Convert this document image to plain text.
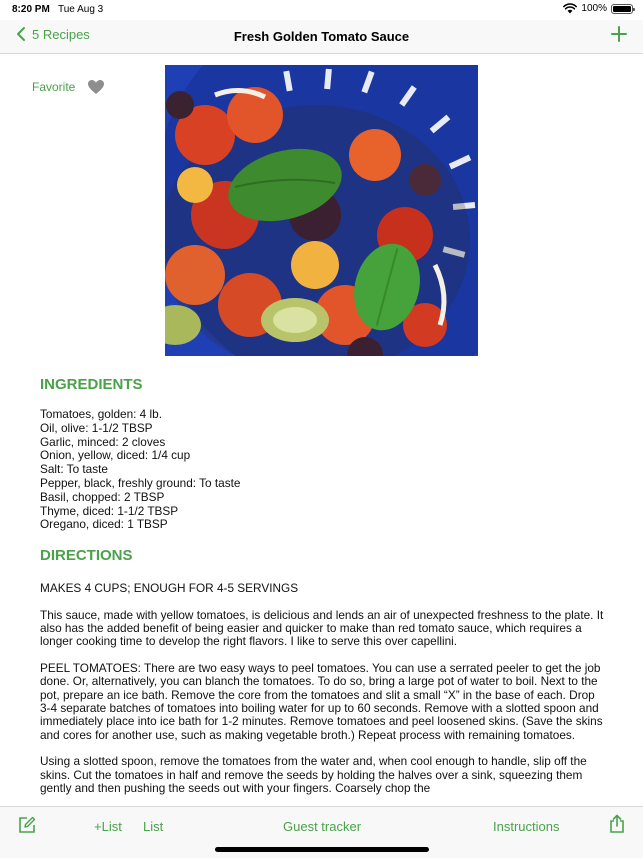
8:20 PM Tue Aug 3	100%
5 Recipes	Fresh Golden Tomato Sauce
Favorite
INGREDIENTS
Tomatoes, golden: 4 lb.
Oil, olive: 1-1/2 TBSP
Garlic, minced: 2 cloves
Onion, yellow, diced: 1/4 cup
Salt: To taste
Pepper, black, freshly ground: To taste
Basil, chopped: 2 TBSP
Thyme, diced: 1-1/2 TBSP
Oregano, diced: 1 TBSP
DIRECTIONS
MAKES 4 CUPS; ENOUGH FOR 4-5 SERVINGS
This sauce, made with yellow tomatoes, is delicious and lends an air of unexpected freshness to the plate. It also has the added benefit of being easier and quicker to make than red tomato sauce, which requires a longer cooking time to develop the right flavors. I like to serve this over capellini.
PEEL TOMATOES: There are two easy ways to peel tomatoes. You can use a serrated peeler to get the job done. Or, alternatively, you can blanch the tomatoes. To do so, bring a large pot of water to boil. Next to the pot, prepare an ice bath. Remove the core from the tomatoes and slit a small “X” in the base of each. Drop 3-4 separate batches of tomatoes into boiling water for up to 60 seconds. Remove with a slotted spoon and immediately place into ice bath for 1-2 minutes. Remove tomatoes and peel loosened skins. (Save the skins and cores for another use, such as making vegetable broth.) Repeat process with remaining tomatoes.
Using a slotted spoon, remove the tomatoes from the water and, when cool enough to handle, slip off the skins. Cut the tomatoes in half and remove the seeds by holding the halves over a sink, squeezing them gently and then pushing the seeds out with your fingers. Coarsely chop the
+List List	Guest tracker	Instructions
